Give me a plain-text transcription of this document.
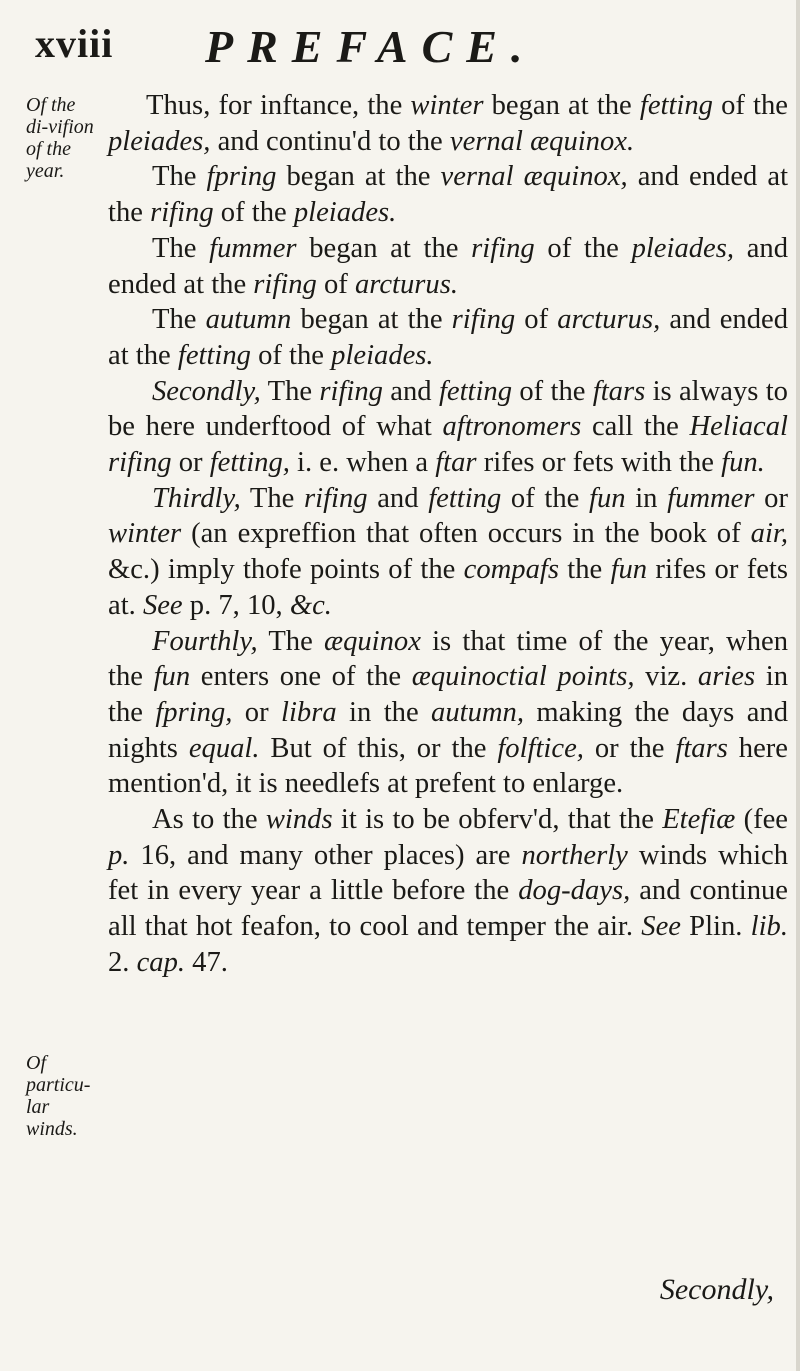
xviii PREFACE.
Of the di-vifion of the year.
Of particu-lar winds.

Thus, for inftance, the winter began at the fetting of the pleiades, and continu'd to the vernal æquinox.

The fpring began at the vernal æquinox, and ended at the rifing of the pleiades.

The fummer began at the rifing of the pleiades, and ended at the rifing of arcturus.

The autumn began at the rifing of arcturus, and ended at the fetting of the pleiades.

Secondly, The rifing and fetting of the ftars is always to be here underftood of what aftronomers call the Heliacal rifing or fetting, i. e. when a ftar rifes or fets with the fun.

Thirdly, The rifing and fetting of the fun in fummer or winter (an expreffion that often occurs in the book of air, &c.) imply thofe points of the compafs the fun rifes or fets at. See p. 7, 10, &c.

Fourthly, The æquinox is that time of the year, when the fun enters one of the æquinoctial points, viz. aries in the fpring, or libra in the autumn, making the days and nights equal. But of this, or the folftice, or the ftars here mention'd, it is needlefs at prefent to enlarge.

As to the winds it is to be obferv'd, that the Etefiæ (fee p. 16, and many other places) are northerly winds which fet in every year a little before the dog-days, and continue all that hot feafon, to cool and temper the air. See Plin. lib. 2. cap. 47.

Secondly,
